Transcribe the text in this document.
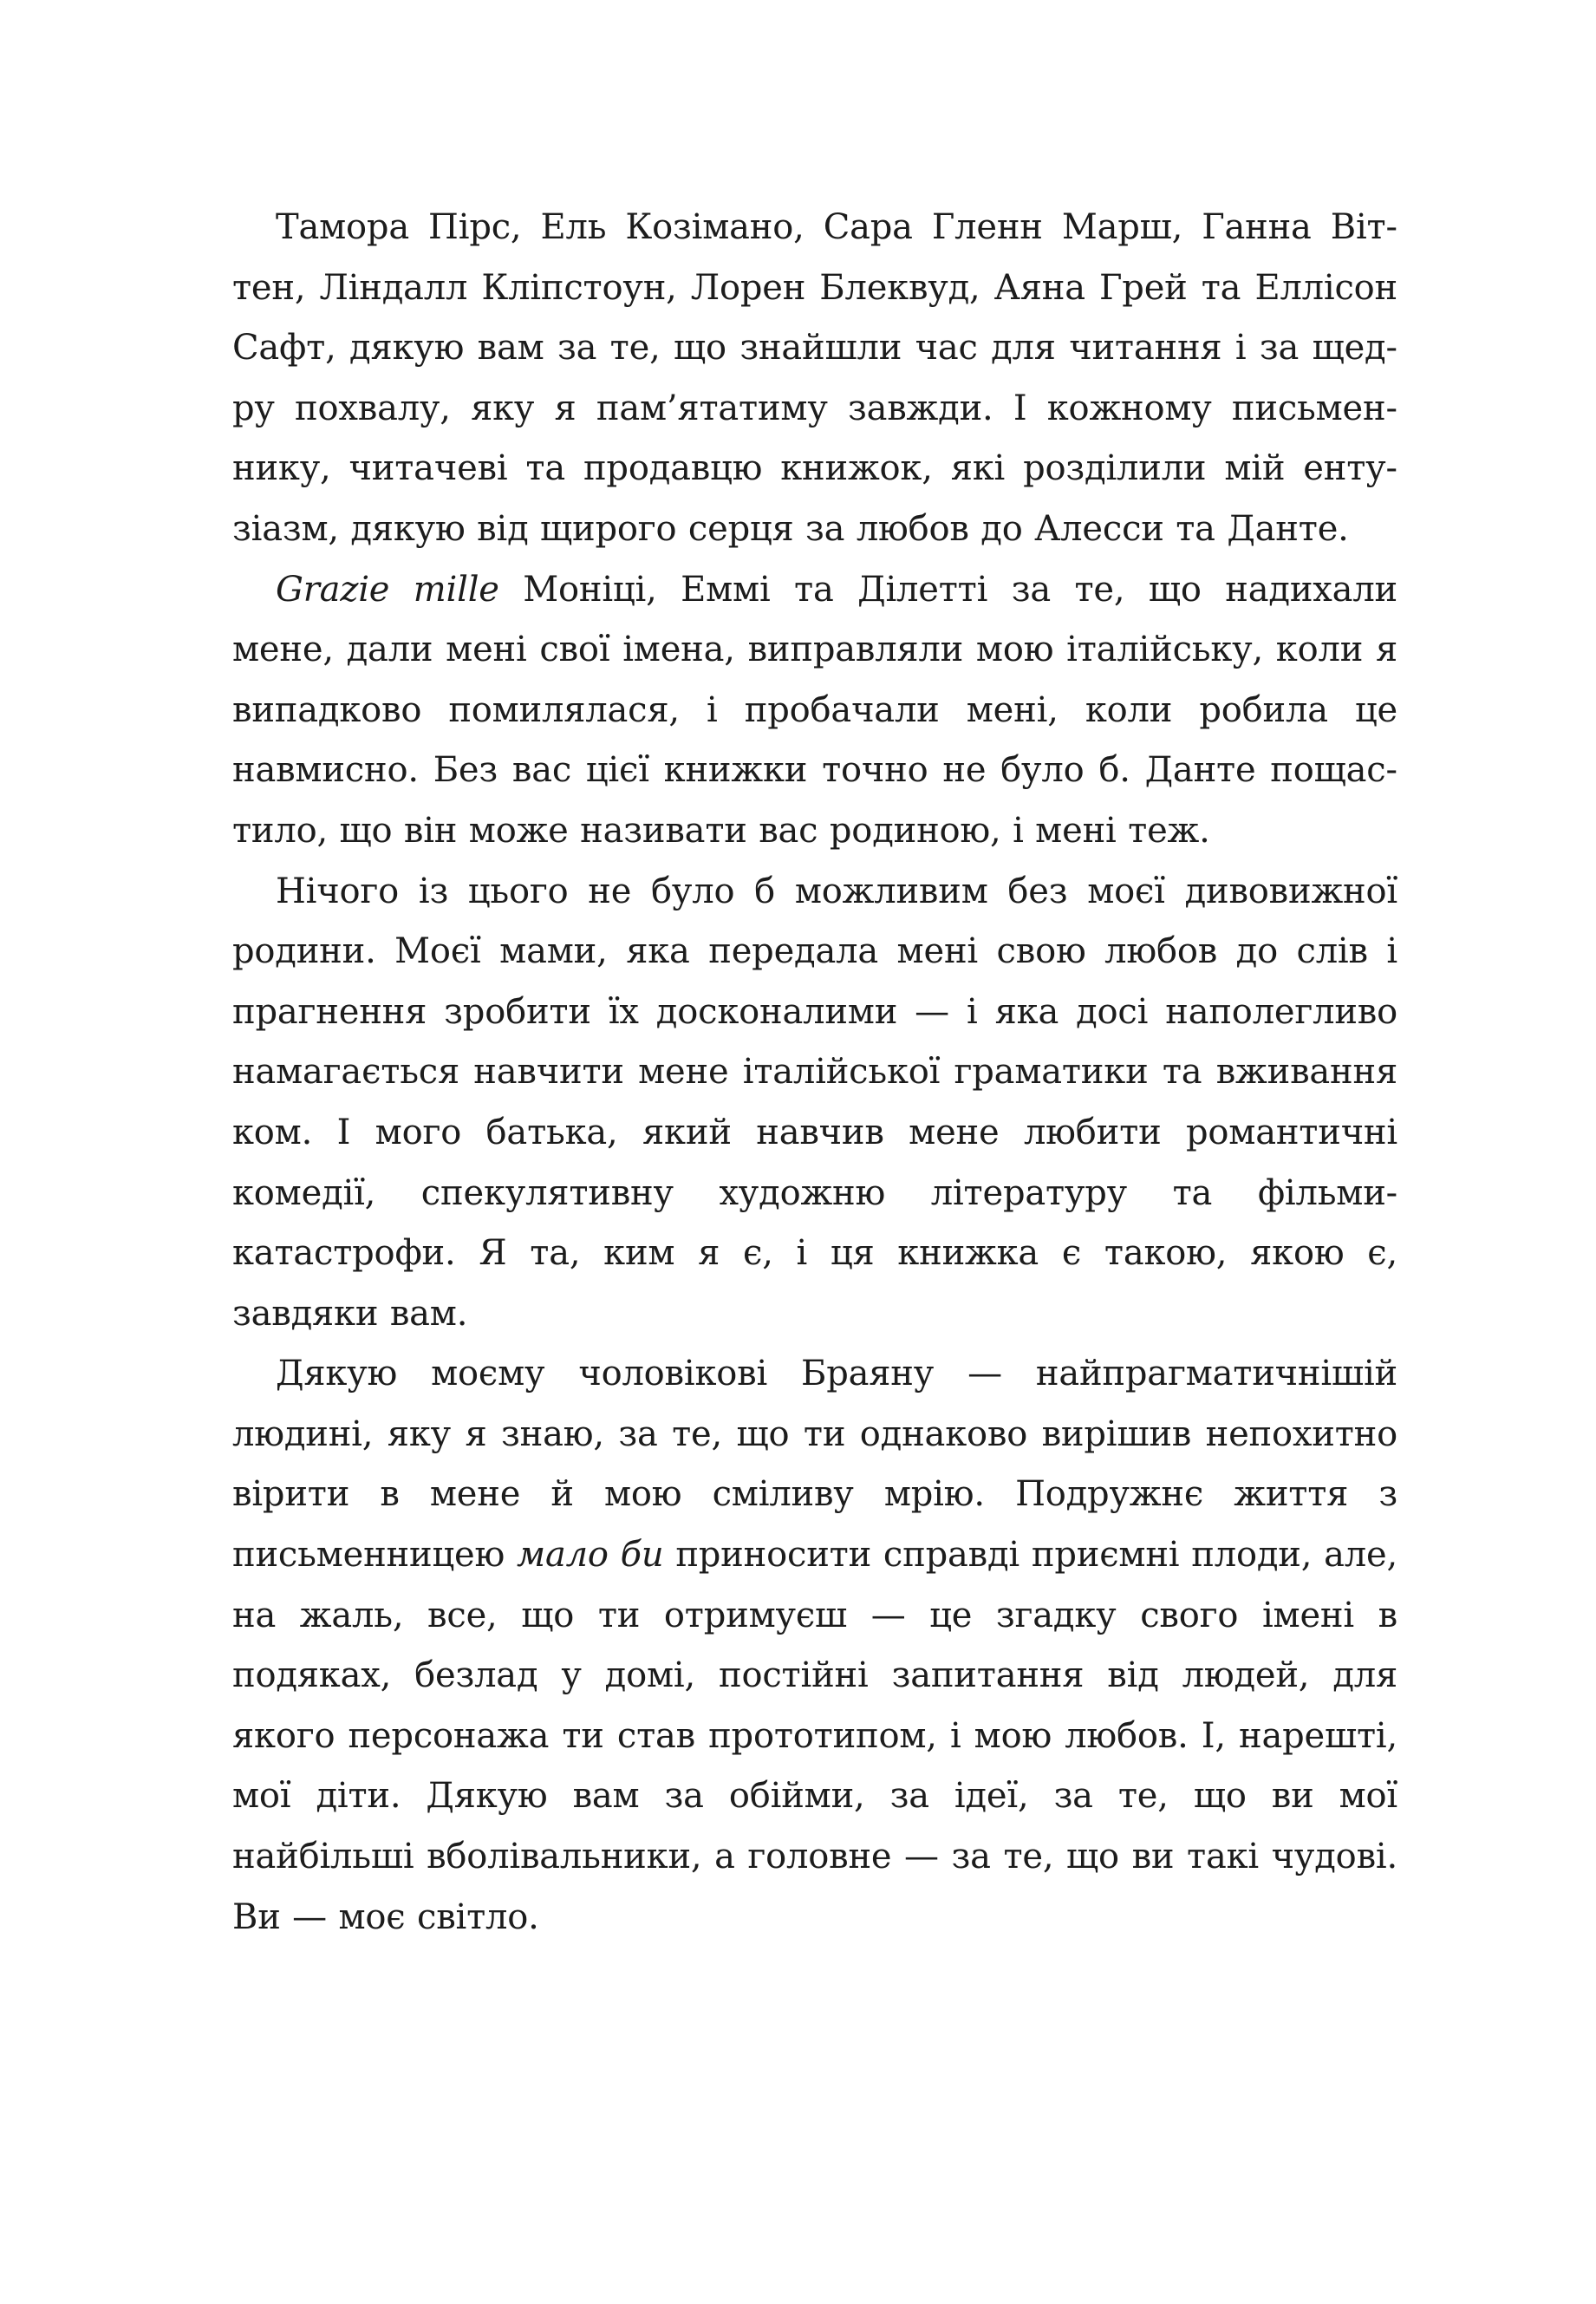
Тамора Пірс, Ель Козімано, Сара Гленн Марш, Ганна Віттен, Ліндалл Кліпстоун, Лорен Блеквуд, Аяна Грей та Еллісон Сафт, дякую вам за те, що знайшли час для читання і за щедру похвалу, яку я пам’ятатиму завжди. І кожному письменнику, читачеві та продавцю книжок, які розділили мій ентузіазм, дякую від щирого серця за любов до Алесси та Данте.

Grazie mille Моніці, Еммі та Ділетті за те, що надихали мене, дали мені свої імена, виправляли мою італійську, коли я випадково помилялася, і пробачали мені, коли робила це навмисно. Без вас цієї книжки точно не було б. Данте пощастило, що він може називати вас родиною, і мені теж.

Нічого із цього не було б можливим без моєї дивовижної родини. Моєї мами, яка передала мені свою любов до слів і прагнення зробити їх досконалими — і яка досі наполегливо намагається навчити мене італійської граматики та вживання ком. І мого батька, який навчив мене любити романтичні комедії, спекулятивну художню літературу та фільми-катастрофи. Я та, ким я є, і ця книжка є такою, якою є, завдяки вам.

Дякую моєму чоловікові Браяну — найпрагматичнішій людині, яку я знаю, за те, що ти однаково вирішив непохитно вірити в мене й мою сміливу мрію. Подружнє життя з письменницею мало би приносити справді приємні плоди, але, на жаль, все, що ти отримуєш — це згадку свого імені в подяках, безлад у домі, постійні запитання від людей, для якого персонажа ти став прототипом, і мою любов. І, нарешті, мої діти. Дякую вам за обійми, за ідеї, за те, що ви мої найбільші вболівальники, а головне — за те, що ви такі чудові. Ви — моє світло.
